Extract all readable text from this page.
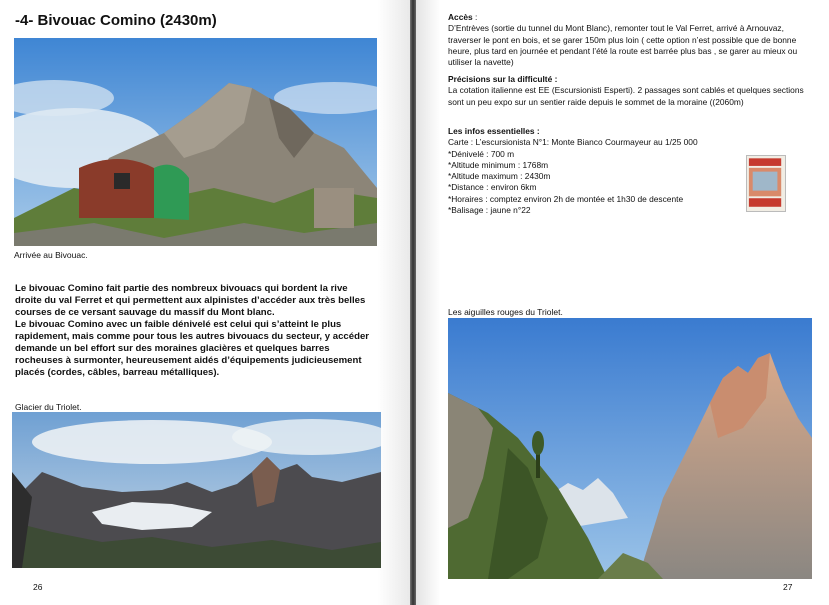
-4- Bivouac Comino (2430m)
Arrivée au Bivouac.

Le bivouac Comino fait partie des nombreux bivouacs qui bordent la rive droite du val Ferret et qui permettent aux alpinistes d’accéder aux très belles courses de ce versant sauvage du massif du Mont blanc.

Le bivouac Comino avec un faible dénivelé est celui qui s’atteint le plus rapidement, mais comme pour tous les autres bivouacs du secteur, y accéder demande un bel effort sur des moraines glacières et quelques barres rocheuses à surmonter, heureusement aidés d’équipements judicieusement placés (cordes, câbles, barreau métalliques).

Glacier du Triolet.
26
Accès :
D’Entrèves (sortie du tunnel du Mont Blanc), remonter tout le Val Ferret, arrivé à Arnouvaz, traverser le pont en bois, et se garer 150m plus loin ( cette option n’est possible que de bonne heure, plus tard en journée et pendant l’été la route est barrée plus bas , se garer au mieux ou utiliser la navette)
Précisions sur la difficulté :
La cotation italienne est EE (Escursionisti Esperti). 2 passages sont cablés et quelques sections sont un peu expo sur un sentier raide depuis le sommet de la moraine ((2060m)
Les infos essentielles :
Carte : L’escursionista N°1: Monte Bianco Courmayeur au 1/25 000
*Dénivelé : 700 m
*Altitude minimum : 1768m
*Altitude maximum : 2430m
*Distance : environ 6km
*Horaires : comptez environ 2h de montée et 1h30 de descente
*Balisage : jaune n°22
Les aiguilles rouges du Triolet.
27
